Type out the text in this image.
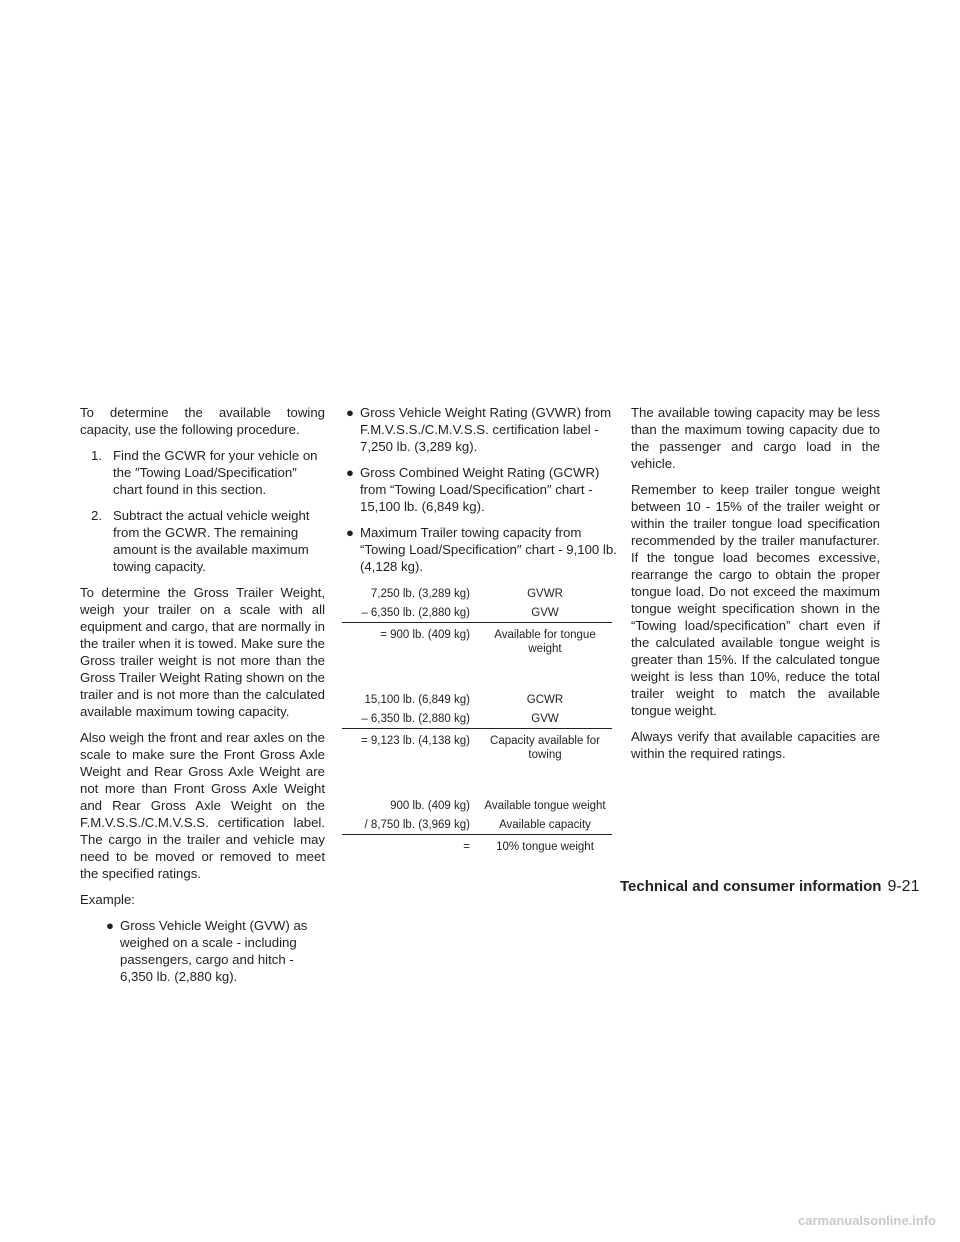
To determine the available towing capacity, use the following procedure.

1. Find the GCWR for your vehicle on the ″Towing Load/Specification″ chart found in this section.
2. Subtract the actual vehicle weight from the GCWR. The remaining amount is the available maximum towing capacity.

To determine the Gross Trailer Weight, weigh your trailer on a scale with all equipment and cargo, that are normally in the trailer when it is towed. Make sure the Gross trailer weight is not more than the Gross Trailer Weight Rating shown on the trailer and is not more than the calculated available maximum towing capacity.

Also weigh the front and rear axles on the scale to make sure the Front Gross Axle Weight and Rear Gross Axle Weight are not more than Front Gross Axle Weight and Rear Gross Axle Weight on the F.M.V.S.S./C.M.V.S.S. certification label. The cargo in the trailer and vehicle may need to be moved or removed to meet the specified ratings.

Example:

● Gross Vehicle Weight (GVW) as weighed on a scale - including passengers, cargo and hitch - 6,350 lb. (2,880 kg).
● Gross Vehicle Weight Rating (GVWR) from F.M.V.S.S./C.M.V.S.S. certification label - 7,250 lb. (3,289 kg).
● Gross Combined Weight Rating (GCWR) from “Towing Load/Specification″ chart - 15,100 lb. (6,849 kg).
● Maximum Trailer towing capacity from “Towing Load/Specification″ chart - 9,100 lb. (4,128 kg).
7,250 lb. (3,289 kg)	GVWR
– 6,350 lb. (2,880 kg)	GVW
= 900 lb. (409 kg)	Available for tongue weight
15,100 lb. (6,849 kg)	GCWR
– 6,350 lb. (2,880 kg)	GVW
= 9,123 lb. (4,138 kg)	Capacity available for towing
900 lb. (409 kg)	Available tongue weight
/ 8,750 lb. (3,969 kg)	Available capacity
=	10% tongue weight

The available towing capacity may be less than the maximum towing capacity due to the passenger and cargo load in the vehicle.

Remember to keep trailer tongue weight between 10 - 15% of the trailer weight or within the trailer tongue load specification recommended by the trailer manufacturer. If the tongue load becomes excessive, rearrange the cargo to obtain the proper tongue load. Do not exceed the maximum tongue weight specification shown in the “Towing load/specification” chart even if the calculated available tongue weight is greater than 15%. If the calculated tongue weight is less than 10%, reduce the total trailer weight to match the available tongue weight.

Always verify that available capacities are within the required ratings.

Technical and consumer information 9-21
carmanualsonline.info
